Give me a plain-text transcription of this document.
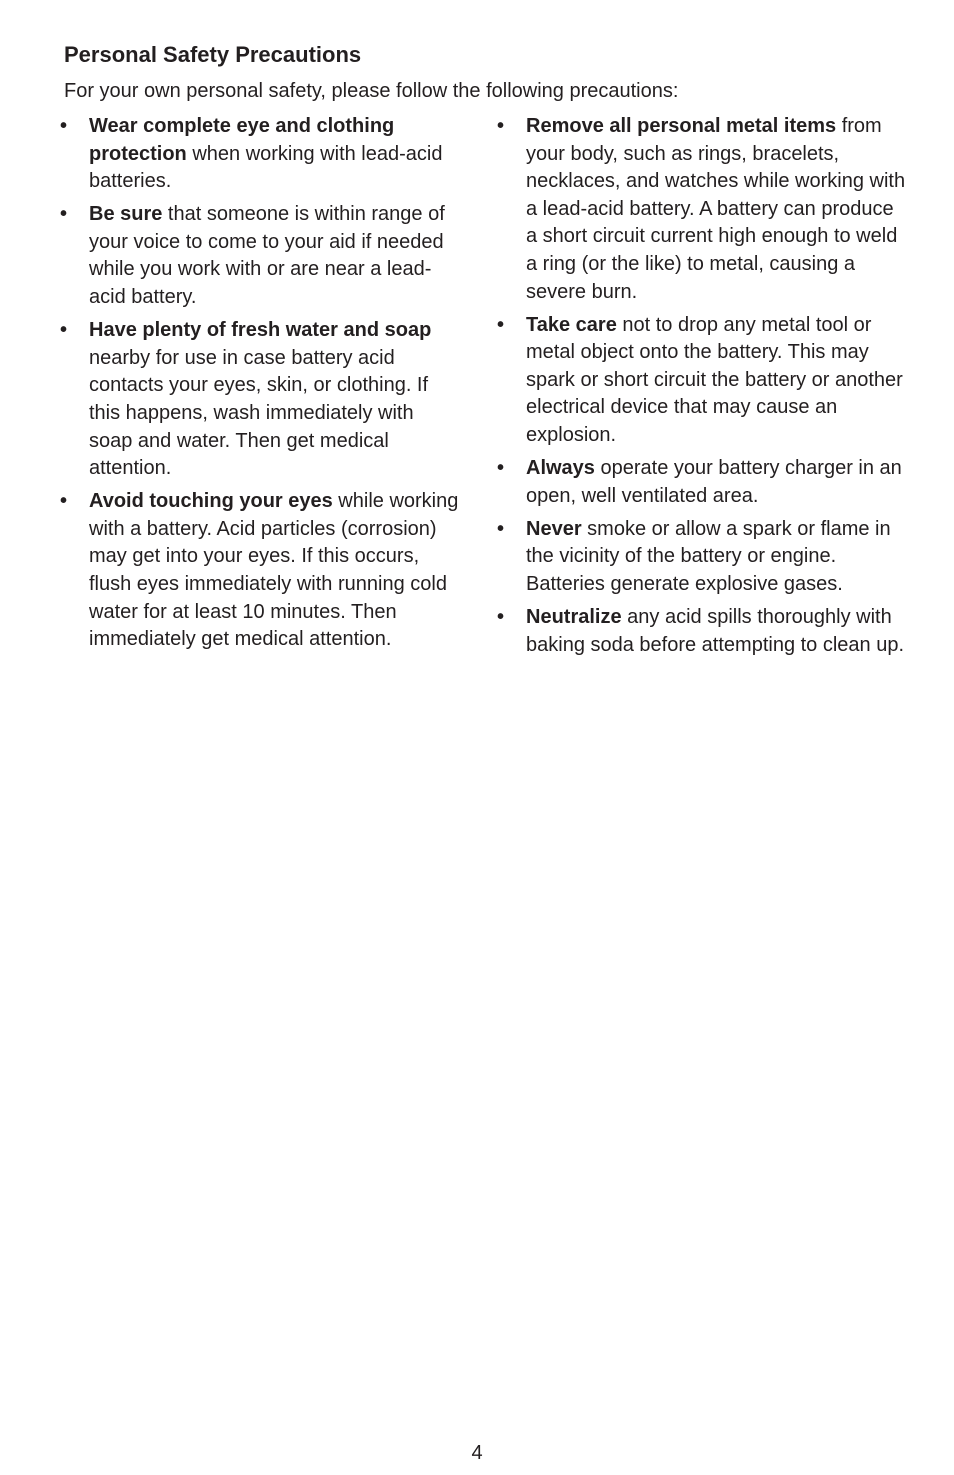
Personal Safety Precautions

For your own personal safety, please follow the following precautions:

•	Wear complete eye and clothing protection when working with lead-acid batteries.
•	Be sure that someone is within range of your voice to come to your aid if needed while you work with or are near a lead-acid battery.
•	Have plenty of fresh water and soap nearby for use in case battery acid contacts your eyes, skin, or clothing. If this happens, wash immediately with soap and water. Then get medical attention.
•	Avoid touching your eyes while working with a battery. Acid particles (corrosion) may get into your eyes. If this occurs, flush eyes immediately with running cold water for at least 10 minutes. Then immediately get medical attention.
•	Remove all personal metal items from your body, such as rings, bracelets, necklaces, and watches while working with a lead-acid battery. A battery can produce a short circuit current high enough to weld a ring (or the like) to metal, causing a severe burn.
•	Take care not to drop any metal tool or metal object onto the battery. This may spark or short circuit the battery or another electrical device that may cause an explosion.
•	Always operate your battery charger in an open, well ventilated area.
•	Never smoke or allow a spark or flame in the vicinity of the battery or engine. Batteries generate explosive gases.
•	Neutralize any acid spills thoroughly with baking soda before attempting to clean up.

4
